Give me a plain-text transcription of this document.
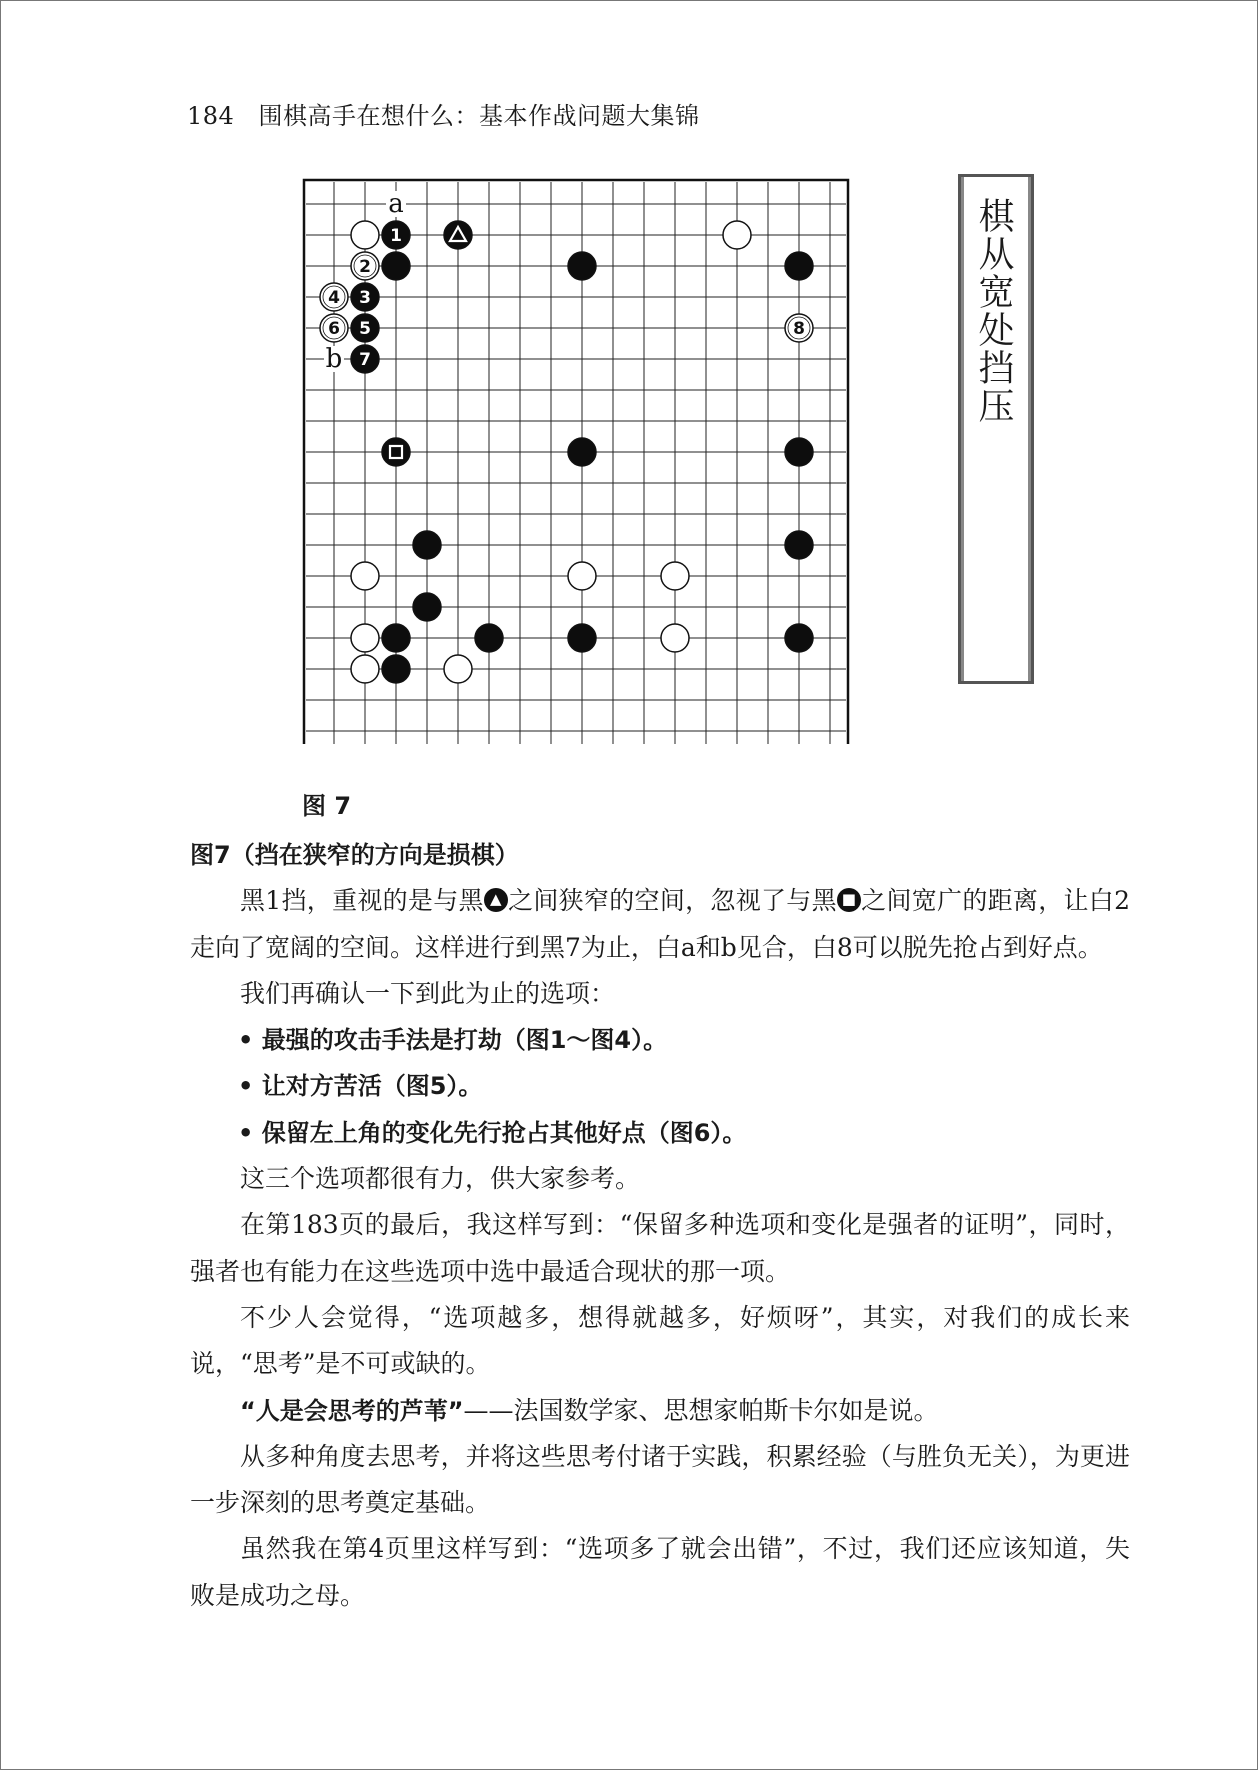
184 围棋高手在想什么：基本作战问题大集锦
a
b
1
2
4 3
6 5	8
7	棋从宽处挡压
图 7

图7（挡在狭窄的方向是损棋）

黑1挡，重视的是与黑 ▲ 之间狭窄的空间，忽视了与黑 ■ 之间宽广的距离，让白2走向了宽阔的空间。这样进行到黑7为止，白a和b见合，白8可以脱先抢占到好点。

我们再确认一下到此为止的选项：

• 最强的攻击手法是打劫（图1～图4）。

• 让对方苦活（图5）。

• 保留左上角的变化先行抢占其他好点（图6）。

这三个选项都很有力，供大家参考。

在第183页的最后，我这样写到：“保留多种选项和变化是强者的证明”，同时，强者也有能力在这些选项中选中最适合现状的那一项。

不少人会觉得，“选项越多，想得就越多，好烦呀”，其实，对我们的成长来说，“思考”是不可或缺的。

“人是会思考的芦苇”——法国数学家、思想家帕斯卡尔如是说。

从多种角度去思考，并将这些思考付诸于实践，积累经验（与胜负无关），为更进一步深刻的思考奠定基础。

虽然我在第4页里这样写到：“选项多了就会出错”，不过，我们还应该知道，失败是成功之母。
